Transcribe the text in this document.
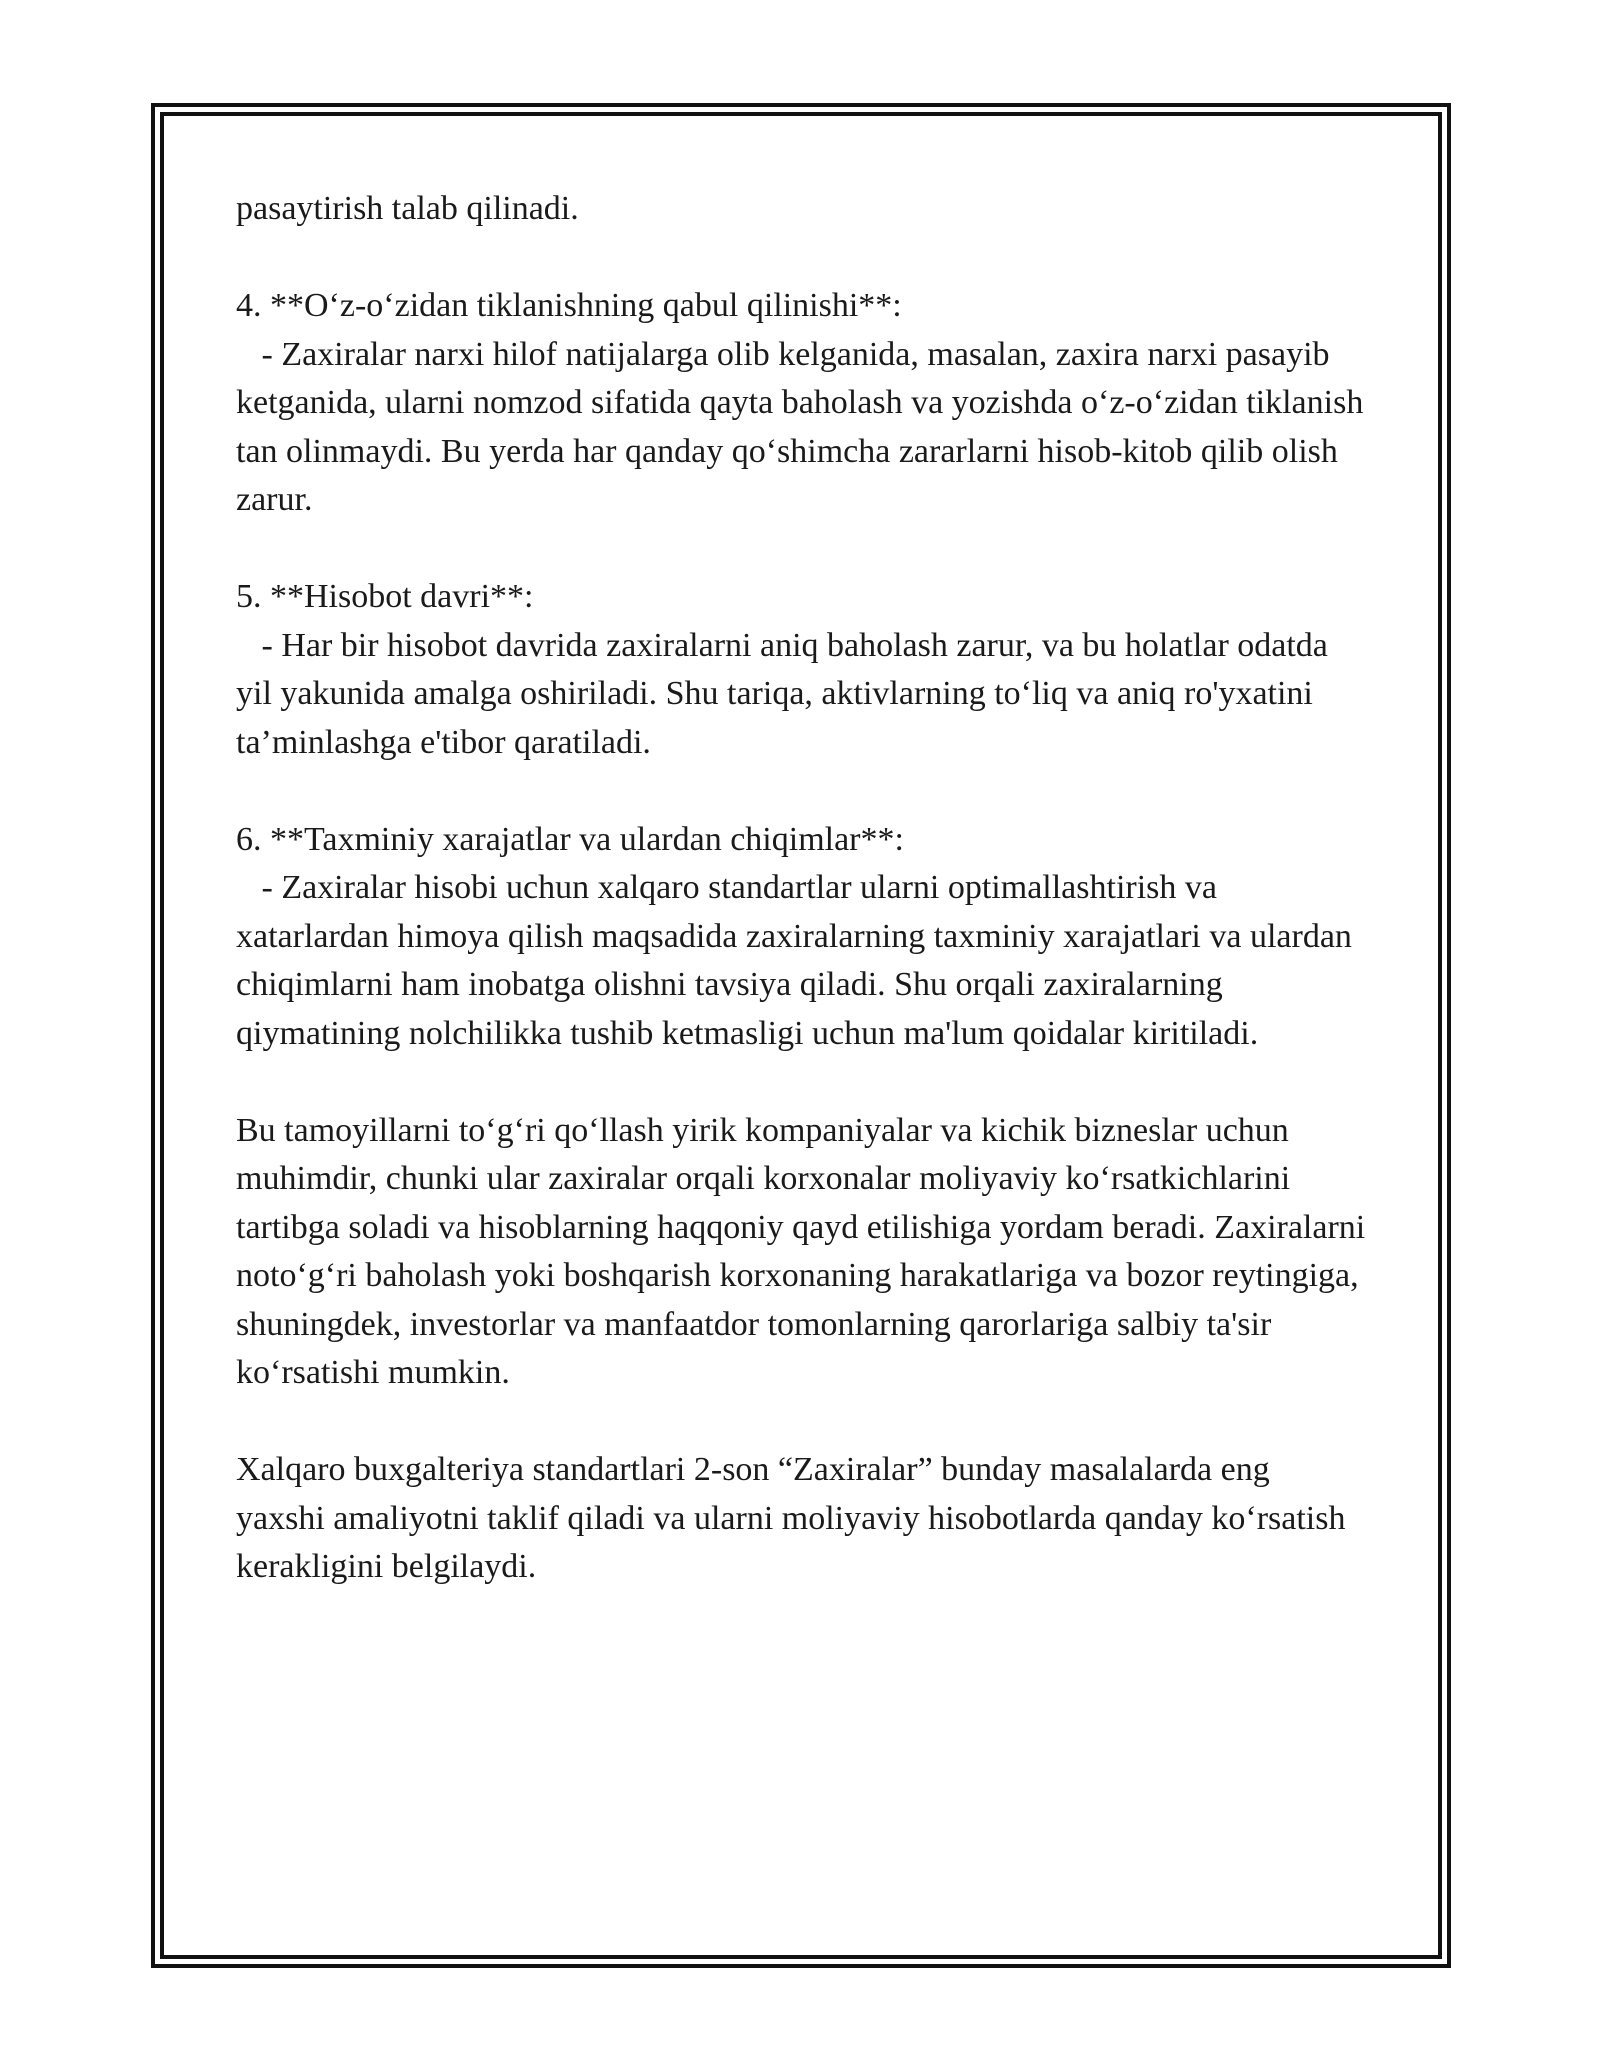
pasaytirish talab qilinadi.

4. **O‘z-o‘zidan tiklanishning qabul qilinishi**:

- Zaxiralar narxi hilof natijalarga olib kelganida, masalan, zaxira narxi pasayib ketganida, ularni nomzod sifatida qayta baholash va yozishda o‘z-o‘zidan tiklanish tan olinmaydi. Bu yerda har qanday qo‘shimcha zararlarni hisob-kitob qilib olish zarur.

5. **Hisobot davri**:

- Har bir hisobot davrida zaxiralarni aniq baholash zarur, va bu holatlar odatda yil yakunida amalga oshiriladi. Shu tariqa, aktivlarning to‘liq va aniq ro'yxatini ta’minlashga e'tibor qaratiladi.

6. **Taxminiy xarajatlar va ulardan chiqimlar**:

- Zaxiralar hisobi uchun xalqaro standartlar ularni optimallashtirish va xatarlardan himoya qilish maqsadida zaxiralarning taxminiy xarajatlari va ulardan chiqimlarni ham inobatga olishni tavsiya qiladi. Shu orqali zaxiralarning qiymatining nolchilikka tushib ketmasligi uchun ma'lum qoidalar kiritiladi.

Bu tamoyillarni to‘g‘ri qo‘llash yirik kompaniyalar va kichik bizneslar uchun muhimdir, chunki ular zaxiralar orqali korxonalar moliyaviy ko‘rsatkichlarini tartibga soladi va hisoblarning haqqoniy qayd etilishiga yordam beradi. Zaxiralarni noto‘g‘ri baholash yoki boshqarish korxonaning harakatlariga va bozor reytingiga, shuningdek, investorlar va manfaatdor tomonlarning qarorlariga salbiy ta'sir ko‘rsatishi mumkin.

Xalqaro buxgalteriya standartlari 2-son “Zaxiralar” bunday masalalarda eng yaxshi amaliyotni taklif qiladi va ularni moliyaviy hisobotlarda qanday ko‘rsatish kerakligini belgilaydi.
